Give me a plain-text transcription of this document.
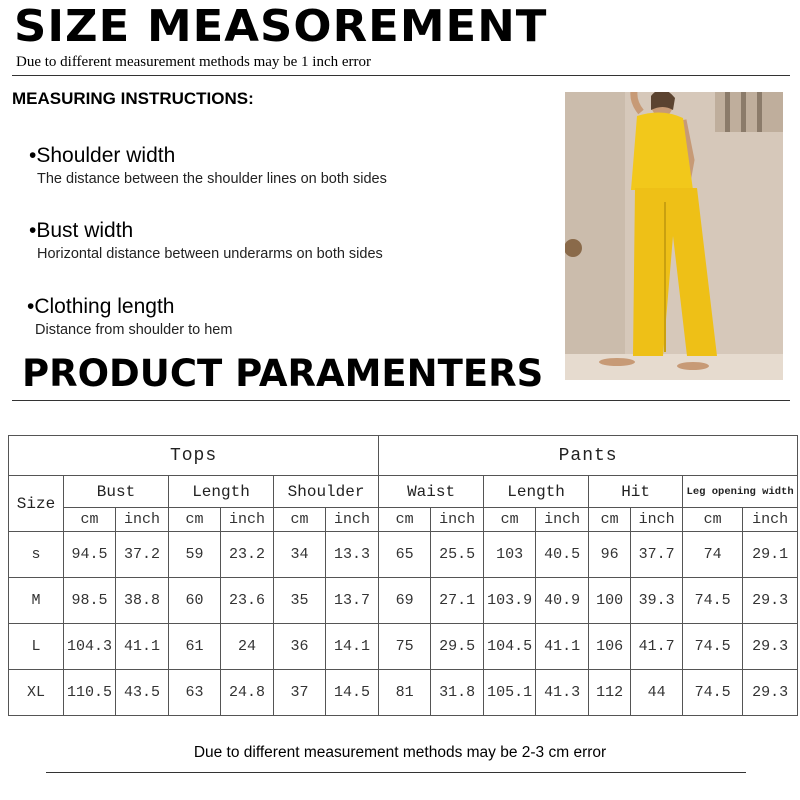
SIZE MEASOREMENT
Due to different measurement methods may be 1 inch error
MEASURING INSTRUCTIONS:
•Shoulder width
The distance between the shoulder lines on both sides
•Bust width
Horizontal distance between underarms on both sides
•Clothing length
Distance from shoulder to hem
PRODUCT PARAMENTERS
Tops							Pants							
Size	Bust		Length		Shoulder		Waist		Length		Hit		Leg opening width	
	cm	inch	cm	inch	cm	inch	cm	inch	cm	inch	cm	inch	cm	inch
s	94.5	37.2	59	23.2	34	13.3	65	25.5	103	40.5	96	37.7	74	29.1
M	98.5	38.8	60	23.6	35	13.7	69	27.1	103.9	40.9	100	39.3	74.5	29.3
L	104.3	41.1	61	24	36	14.1	75	29.5	104.5	41.1	106	41.7	74.5	29.3
XL	110.5	43.5	63	24.8	37	14.5	81	31.8	105.1	41.3	112	44	74.5	29.3
Due to different measurement methods may be 2-3 cm error
